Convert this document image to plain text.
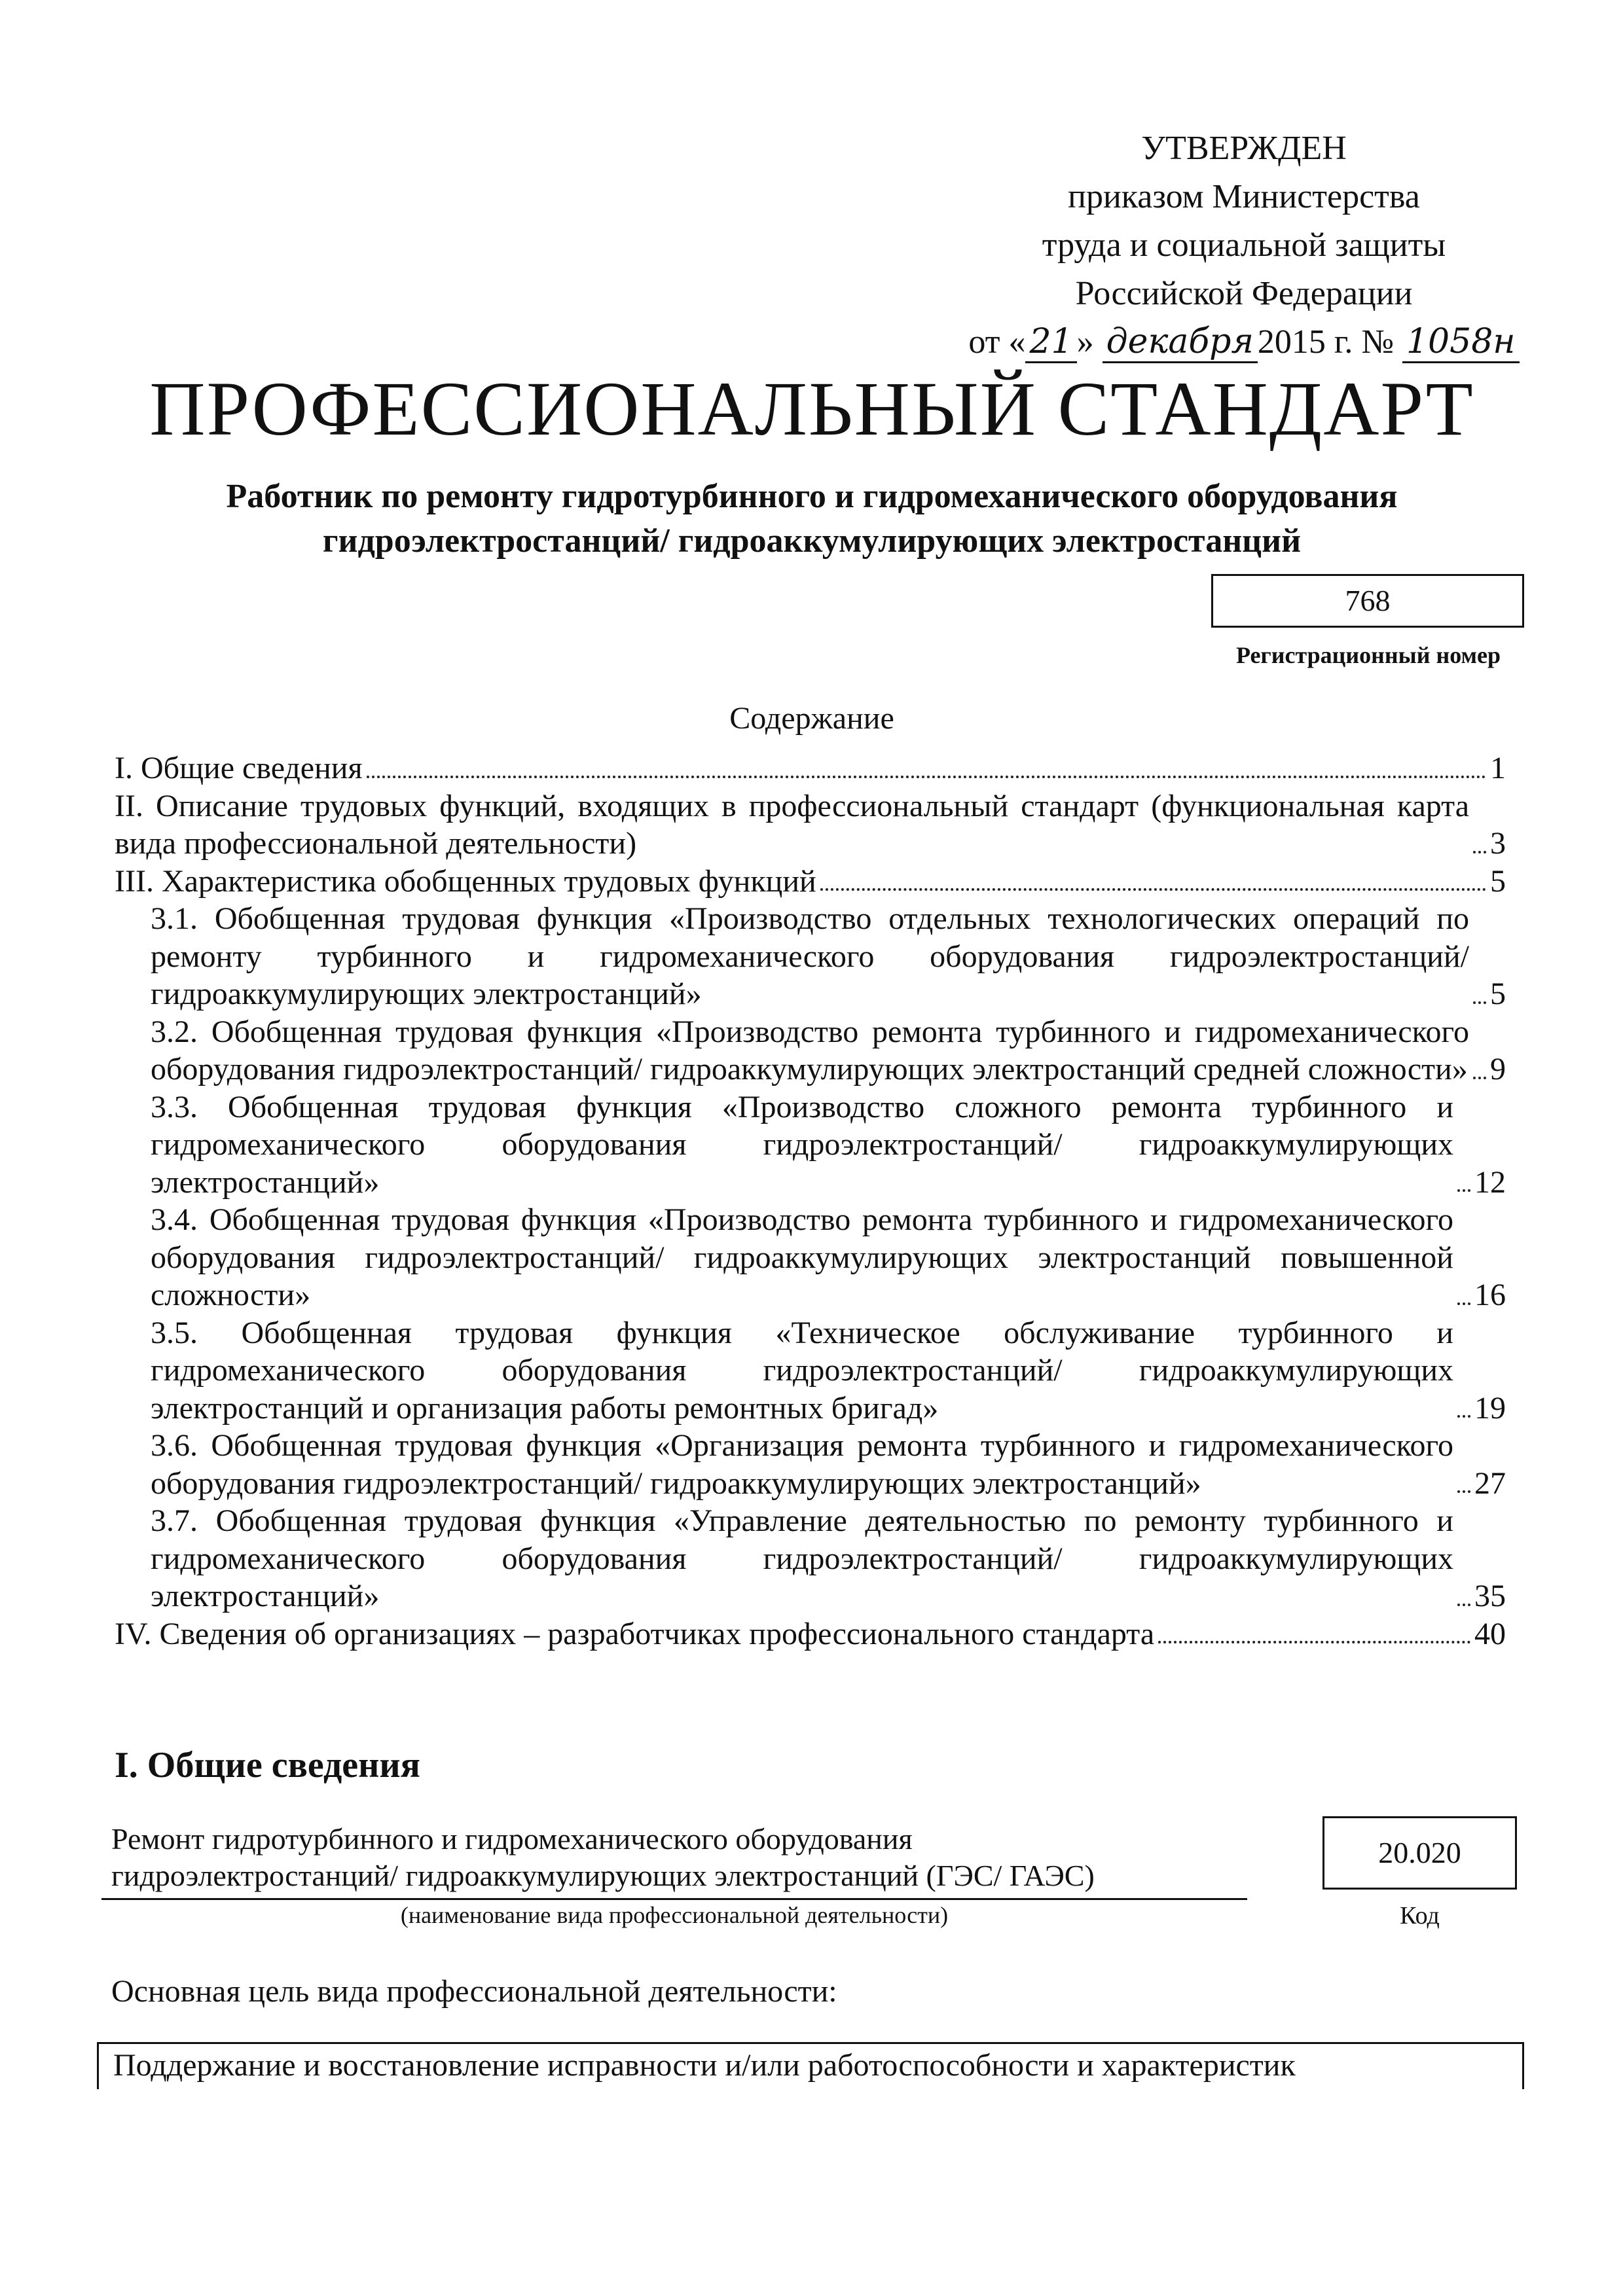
УТВЕРЖДЕН
приказом Министерства
труда и социальной защиты
Российской Федерации
от « 21 » декабря 2015 г. № 1058н
ПРОФЕССИОНАЛЬНЫЙ СТАНДАРТ
Работник по ремонту гидротурбинного и гидромеханического оборудования
гидроэлектростанций/ гидроаккумулирующих электростанций
768
Регистрационный номер
Содержание
I. Общие сведения	1
II. Описание трудовых функций, входящих в профессиональный стандарт (функциональная карта вида профессиональной деятельности)	3
III. Характеристика обобщенных трудовых функций	5
3.1. Обобщенная трудовая функция «Производство отдельных технологических операций по ремонту турбинного и гидромеханического оборудования гидроэлектростанций/ гидроаккумулирующих электростанций»	5
3.2. Обобщенная трудовая функция «Производство ремонта турбинного и гидромеханического оборудования гидроэлектростанций/ гидроаккумулирующих электростанций средней сложности» 9
3.3. Обобщенная трудовая функция «Производство сложного ремонта турбинного и гидромеханического оборудования гидроэлектростанций/ гидроаккумулирующих электростанций»	12
3.4. Обобщенная трудовая функция «Производство ремонта турбинного и гидромеханического оборудования гидроэлектростанций/ гидроаккумулирующих электростанций повышенной сложности»	16
3.5. Обобщенная трудовая функция «Техническое обслуживание турбинного и гидромеханического оборудования гидроэлектростанций/ гидроаккумулирующих электростанций и организация работы ремонтных бригад»	19
3.6. Обобщенная трудовая функция «Организация ремонта турбинного и гидромеханического оборудования гидроэлектростанций/ гидроаккумулирующих электростанций»	27
3.7. Обобщенная трудовая функция «Управление деятельностью по ремонту турбинного и гидромеханического оборудования гидроэлектростанций/ гидроаккумулирующих электростанций»	35
IV. Сведения об организациях – разработчиках профессионального стандарта	40
I. Общие сведения
Ремонт гидротурбинного и гидромеханического оборудования
гидроэлектростанций/ гидроаккумулирующих электростанций (ГЭС/ ГАЭС)
(наименование вида профессиональной деятельности)
20.020
Код
Основная цель вида профессиональной деятельности:
Поддержание и восстановление исправности и/или работоспособности и характеристик
